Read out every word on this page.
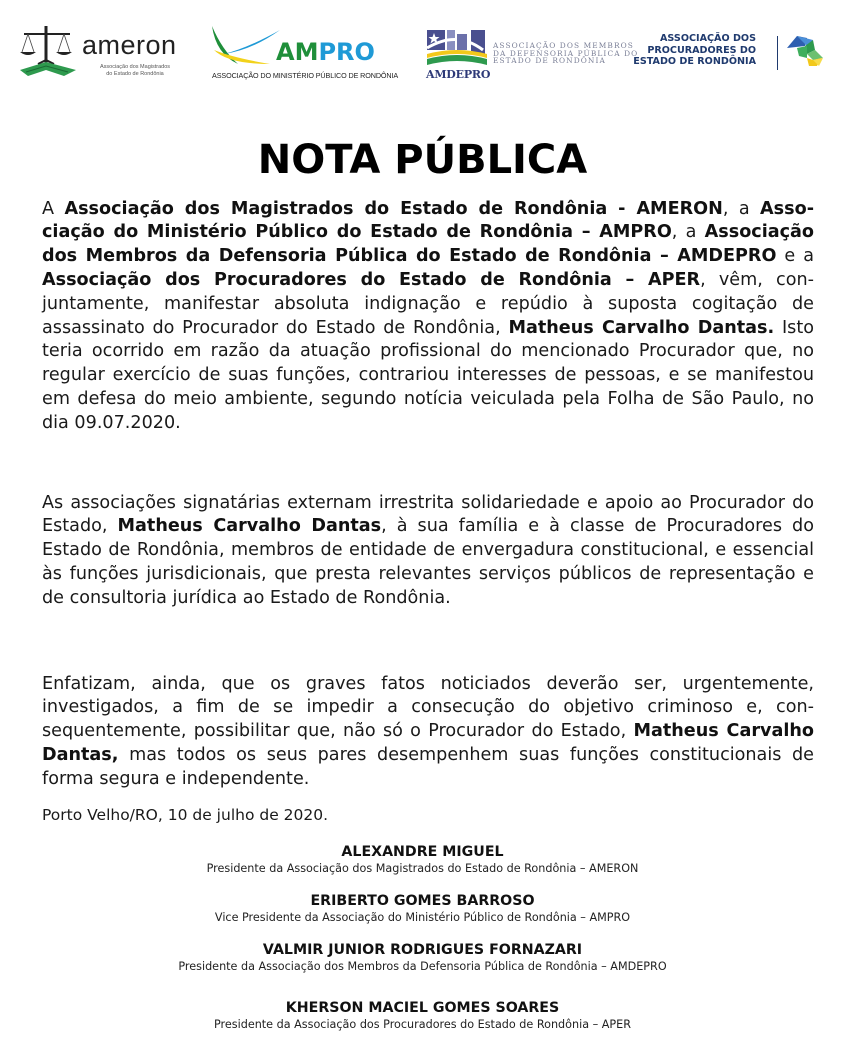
ameron
Associação dos Magistrados do Estado de Rondônia
AMPRO
ASSOCIAÇÃO DO MINISTÉRIO PÚBLICO DE RONDÔNIA	AMDEPRO
ASSOCIAÇÃO DOS MEMBROS
DA DEFENSORIA PÚBLICA DO
ESTADO DE RONDÔNIA
ASSOCIAÇÃO DOS
PROCURADORES DO
ESTADO DE RONDÔNIA
NOTA PÚBLICA

A Associação dos Magistrados do Estado de Rondônia - AMERON, a Associação do Ministério Público do Estado de Rondônia – AMPRO, a Associação dos Membros da Defensoria Pública do Estado de Rondônia – AMDEPRO e a Associação dos Procuradores do Estado de Rondônia – APER, vêm, conjuntamente, manifestar absoluta indignação e repúdio à suposta cogitação de assassinato do Procurador do Estado de Rondônia, Matheus Carvalho Dantas. Isto teria ocorrido em razão da atuação profissional do mencionado Procurador que, no regular exercício de suas funções, contrariou interesses de pessoas, e se manifestou em defesa do meio ambiente, segundo notícia veiculada pela Folha de São Paulo, no dia 09.07.2020.

As associações signatárias externam irrestrita solidariedade e apoio ao Procurador do Estado, Matheus Carvalho Dantas, à sua família e à classe de Procuradores do Estado de Rondônia, membros de entidade de envergadura constitucional, e essencial às funções jurisdicionais, que presta relevantes serviços públicos de representação e de consultoria jurídica ao Estado de Rondônia.

Enfatizam, ainda, que os graves fatos noticiados deverão ser, urgentemente, investigados, a fim de se impedir a consecução do objetivo criminoso e, consequentemente, possibilitar que, não só o Procurador do Estado, Matheus Carvalho Dantas, mas todos os seus pares desempenhem suas funções constitucionais de forma segura e independente.

Porto Velho/RO, 10 de julho de 2020.
ALEXANDRE MIGUEL
Presidente da Associação dos Magistrados do Estado de Rondônia – AMERON
ERIBERTO GOMES BARROSO
Vice Presidente da Associação do Ministério Público de Rondônia – AMPRO
VALMIR JUNIOR RODRIGUES FORNAZARI
Presidente da Associação dos Membros da Defensoria Pública de Rondônia – AMDEPRO
KHERSON MACIEL GOMES SOARES
Presidente da Associação dos Procuradores do Estado de Rondônia – APER
